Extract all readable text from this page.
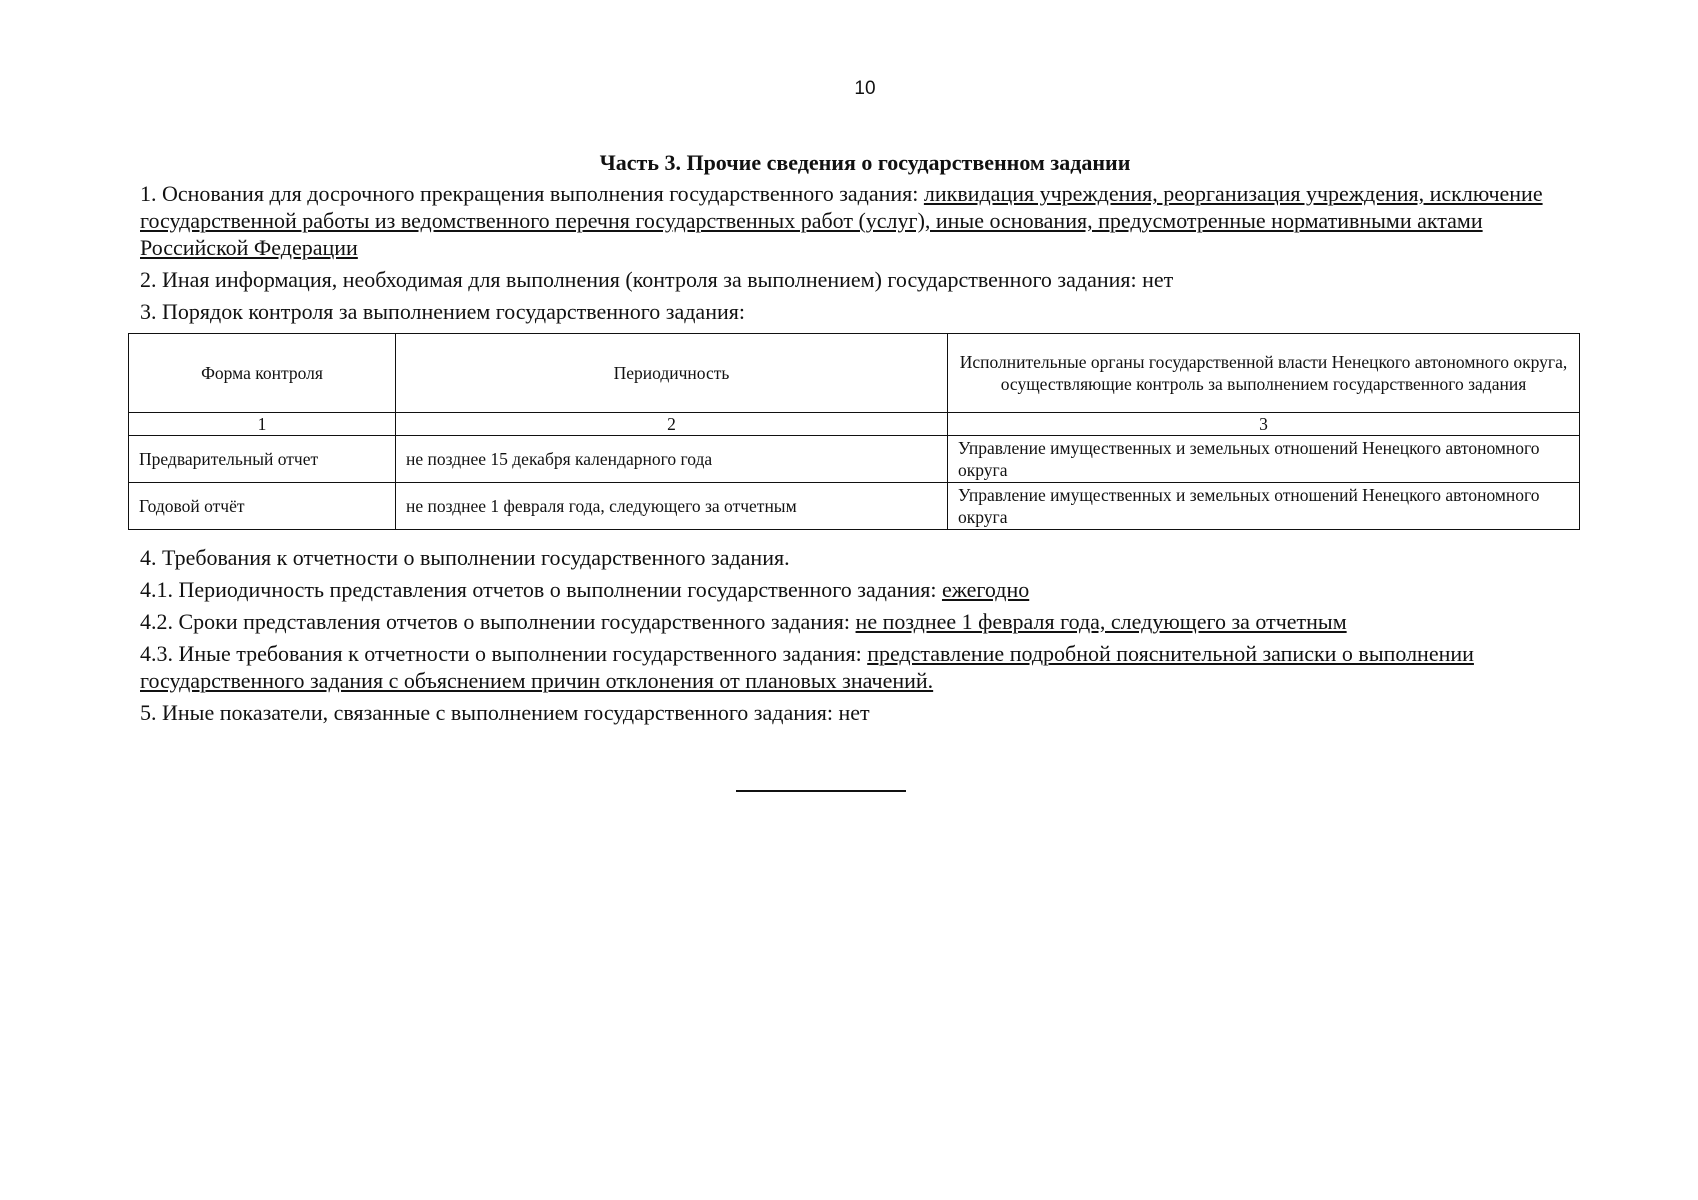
10
Часть 3. Прочие сведения о государственном задании

1. Основания для досрочного прекращения выполнения государственного задания: ликвидация учреждения, реорганизация учреждения, исключение государственной работы из ведомственного перечня государственных работ (услуг), иные основания, предусмотренные нормативными актами Российской Федерации

2. Иная информация, необходимая для выполнения (контроля за выполнением) государственного задания: нет

3. Порядок контроля за выполнением государственного задания:

Форма контроля	Периодичность	Исполнительные органы государственной власти Ненецкого автономного округа, осуществляющие контроль за выполнением государственного задания
1	2	3
Предварительный отчет	не позднее 15 декабря календарного года	Управление имущественных и земельных отношений Ненецкого автономного округа
Годовой отчёт	не позднее 1 февраля года, следующего за отчетным	Управление имущественных и земельных отношений Ненецкого автономного округа

4. Требования к отчетности о выполнении государственного задания.

4.1. Периодичность представления отчетов о выполнении государственного задания: ежегодно

4.2. Сроки представления отчетов о выполнении государственного задания: не позднее 1 февраля года, следующего за отчетным

4.3. Иные требования к отчетности о выполнении государственного задания: представление подробной пояснительной записки о выполнении государственного задания с объяснением причин отклонения от плановых значений.

5. Иные показатели, связанные с выполнением государственного задания: нет
